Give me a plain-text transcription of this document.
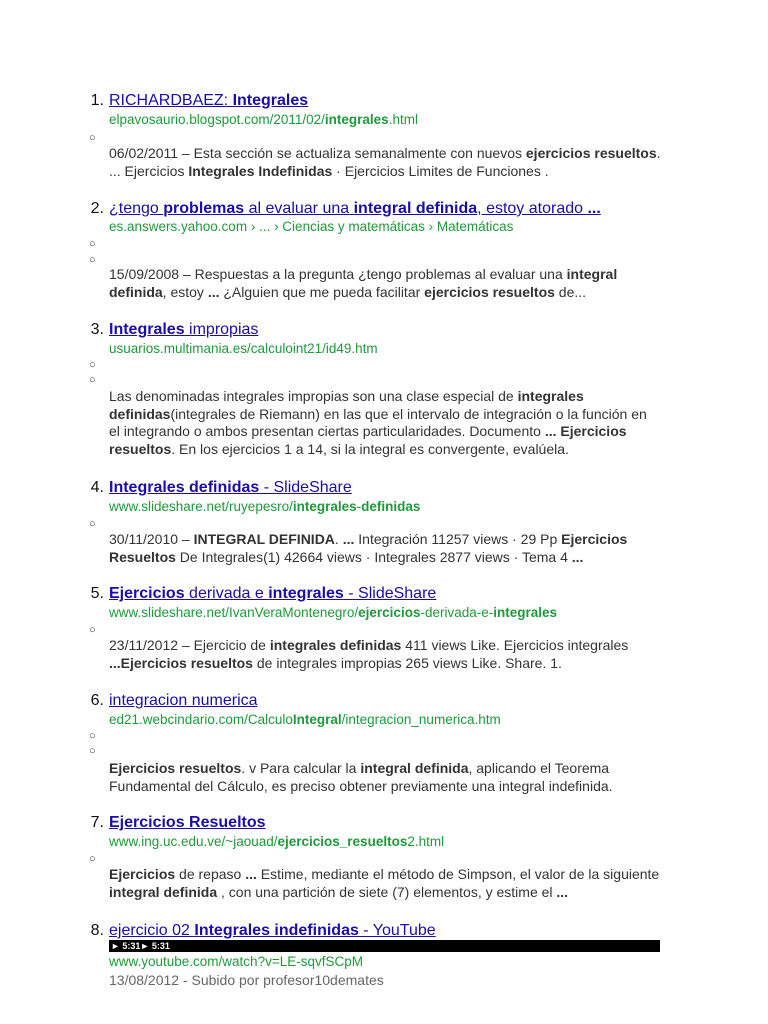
1. RICHARDBAEZ: Integrales
elpavosaurio.blogspot.com/2011/02/integrales.html
○
06/02/2011 – Esta sección se actualiza semanalmente con nuevos ejercicios resueltos. ... Ejercicios Integrales Indefinidas · Ejercicios Limites de Funciones .
2. ¿tengo problemas al evaluar una integral definida, estoy atorado ...
es.answers.yahoo.com › ... › Ciencias y matemáticas › Matemáticas
○
○
15/09/2008 – Respuestas a la pregunta ¿tengo problemas al evaluar una integral definida, estoy ... ¿Alguien que me pueda facilitar ejercicios resueltos de...
3. Integrales impropias
usuarios.multimania.es/calculoint21/id49.htm
○
○
Las denominadas integrales impropias son una clase especial de integrales definidas(integrales de Riemann) en las que el intervalo de integración o la función en el integrando o ambos presentan ciertas particularidades. Documento ... Ejercicios resueltos. En los ejercicios 1 a 14, si la integral es convergente, evalúela.
4. Integrales definidas - SlideShare
www.slideshare.net/ruyepesro/integrales-definidas
○
30/11/2010 – INTEGRAL DEFINIDA. ... Integración 11257 views · 29 Pp Ejercicios Resueltos De Integrales(1) 42664 views · Integrales 2877 views · Tema 4 ...
5. Ejercicios derivada e integrales - SlideShare
www.slideshare.net/IvanVeraMontenegro/ejercicios-derivada-e-integrales
○
23/11/2012 – Ejercicio de integrales definidas 411 views Like. Ejercicios integrales ...Ejercicios resueltos de integrales impropias 265 views Like. Share. 1.
6. integracion numerica
ed21.webcindario.com/CalculoIntegral/integracion_numerica.htm
○
○
Ejercicios resueltos. v Para calcular la integral definida, aplicando el Teorema Fundamental del Cálculo, es preciso obtener previamente una integral indefinida.
7. Ejercicios Resueltos
www.ing.uc.edu.ve/~jaouad/ejercicios_resueltos2.html
○
Ejercicios de repaso ... Estime, mediante el método de Simpson, el valor de la siguiente integral definida , con una partición de siete (7) elementos, y estime el ...
8. ejercicio 02 Integrales indefinidas - YouTube
► 5:31► 5:31
www.youtube.com/watch?v=LE-sqvfSCpM
13/08/2012 - Subido por profesor10demates
